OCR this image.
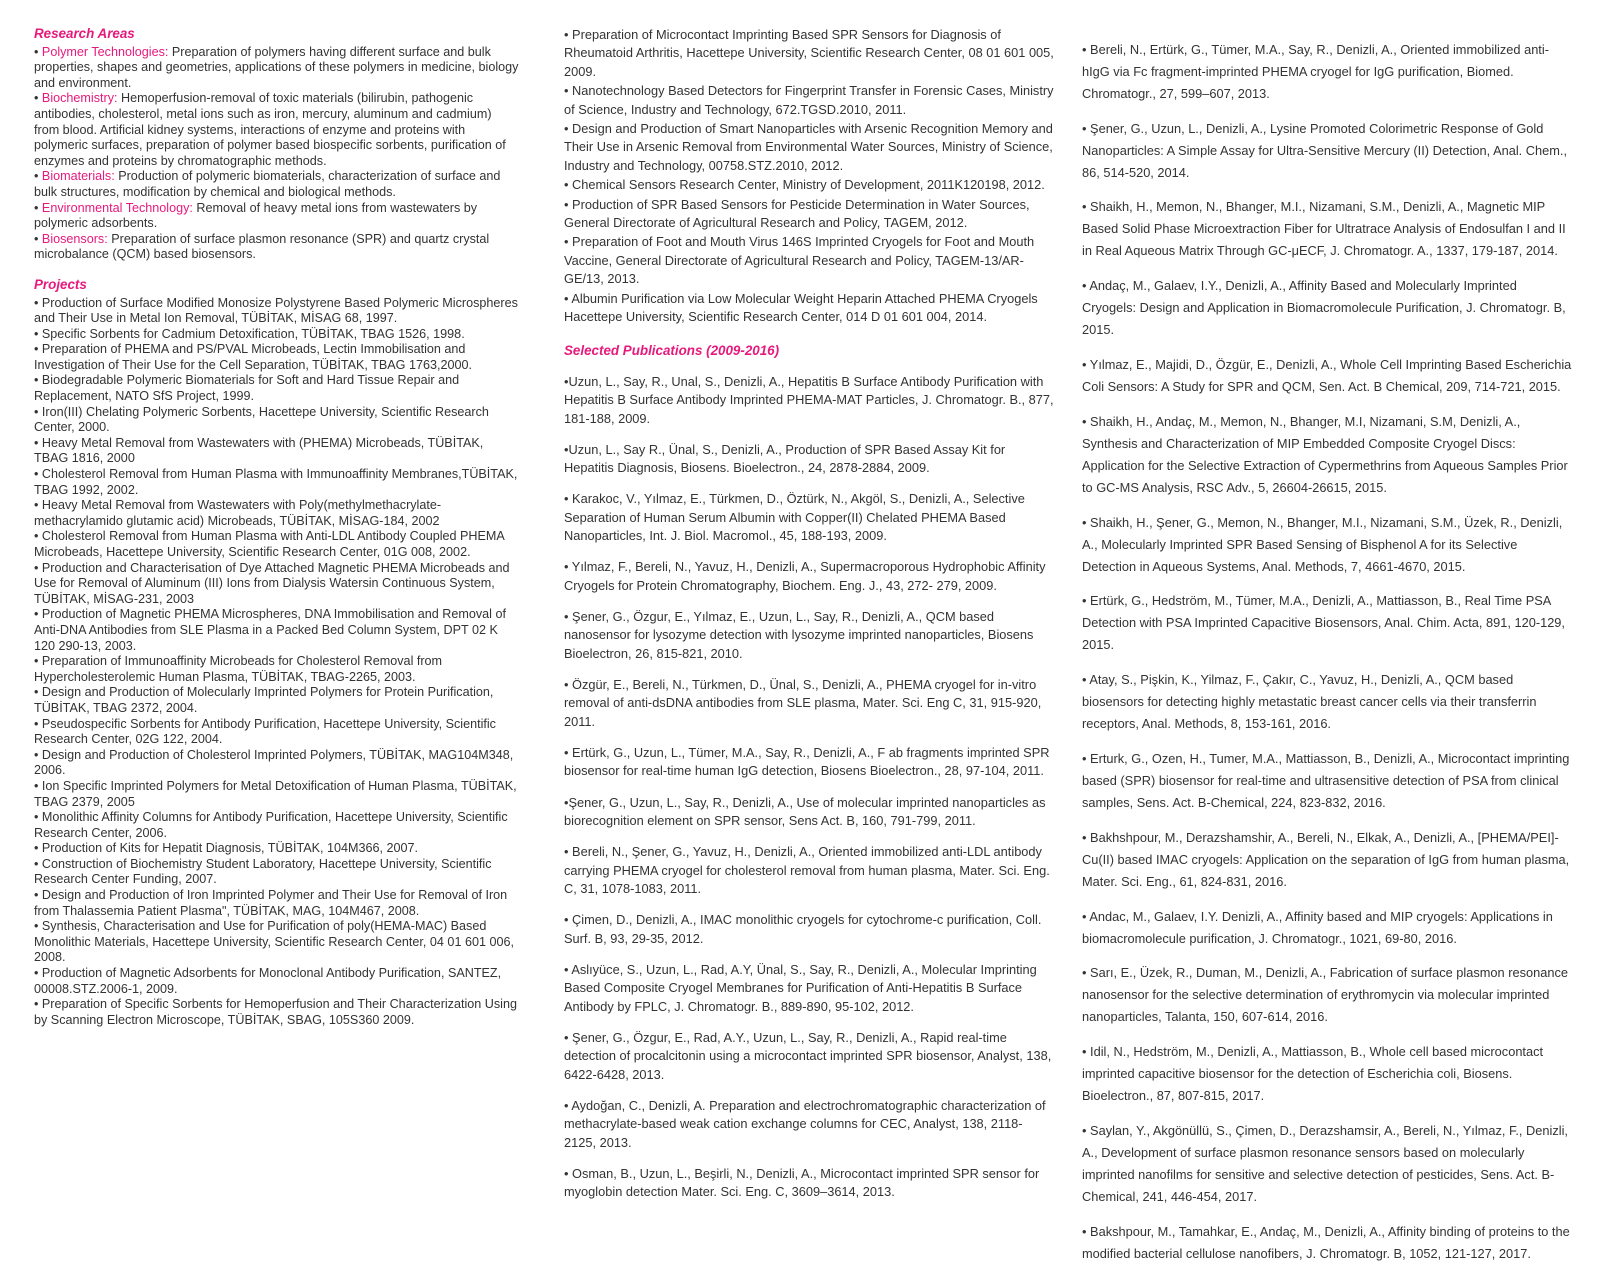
Research Areas

• Polymer Technologies: Preparation of polymers having different surface and bulk properties, shapes and geometries, applications of these polymers in medicine, biology and environment.

• Biochemistry: Hemoperfusion-removal of toxic materials (bilirubin, pathogenic antibodies, cholesterol, metal ions such as iron, mercury, aluminum and cadmium) from blood. Artificial kidney systems, interactions of enzyme and proteins with polymeric surfaces, preparation of polymer based biospecific sorbents, purification of enzymes and proteins by chromatographic methods.

• Biomaterials: Production of polymeric biomaterials, characterization of surface and bulk structures, modification by chemical and biological methods.

• Environmental Technology: Removal of heavy metal ions from wastewaters by polymeric adsorbents.

• Biosensors: Preparation of surface plasmon resonance (SPR) and quartz crystal microbalance (QCM) based biosensors.

Projects

• Production of Surface Modified Monosize Polystyrene Based Polymeric Microspheres and Their Use in Metal Ion Removal, TÜBİTAK, MİSAG 68, 1997.

• Specific Sorbents for Cadmium Detoxification, TÜBİTAK, TBAG 1526, 1998.

• Preparation of PHEMA and PS/PVAL Microbeads, Lectin Immobilisation and Investigation of Their Use for the Cell Separation, TÜBİTAK, TBAG 1763,2000.

• Biodegradable Polymeric Biomaterials for Soft and Hard Tissue Repair and Replacement, NATO SfS Project, 1999.

• Iron(III) Chelating Polymeric Sorbents, Hacettepe University, Scientific Research Center, 2000.

• Heavy Metal Removal from Wastewaters with (PHEMA) Microbeads, TÜBİTAK, TBAG 1816, 2000

• Cholesterol Removal from Human Plasma with Immunoaffinity Membranes,TÜBİTAK, TBAG 1992, 2002.

• Heavy Metal Removal from Wastewaters with Poly(methylmethacrylate-methacrylamido glutamic acid) Microbeads, TÜBİTAK, MİSAG-184, 2002

• Cholesterol Removal from Human Plasma with Anti-LDL Antibody Coupled PHEMA Microbeads, Hacettepe University, Scientific Research Center, 01G 008, 2002.

• Production and Characterisation of Dye Attached Magnetic PHEMA Microbeads and Use for Removal of Aluminum (III) Ions from Dialysis Watersin Continuous System, TÜBİTAK, MİSAG-231, 2003

• Production of Magnetic PHEMA Microspheres, DNA Immobilisation and Removal of Anti-DNA Antibodies from SLE Plasma in a Packed Bed Column System, DPT 02 K 120 290-13, 2003.

• Preparation of Immunoaffinity Microbeads for Cholesterol Removal from Hypercholesterolemic Human Plasma, TÜBİTAK, TBAG-2265, 2003.

• Design and Production of Molecularly Imprinted Polymers for Protein Purification, TÜBİTAK, TBAG 2372, 2004.

• Pseudospecific Sorbents for Antibody Purification, Hacettepe University, Scientific Research Center, 02G 122, 2004.

• Design and Production of Cholesterol Imprinted Polymers, TÜBİTAK, MAG104M348, 2006.

• Ion Specific Imprinted Polymers for Metal Detoxification of Human Plasma, TÜBİTAK, TBAG 2379, 2005

• Monolithic Affinity Columns for Antibody Purification, Hacettepe University, Scientific Research Center, 2006.

• Production of Kits for Hepatit Diagnosis, TÜBİTAK, 104M366, 2007.

• Construction of Biochemistry Student Laboratory, Hacettepe University, Scientific Research Center Funding, 2007.

• Design and Production of Iron Imprinted Polymer and Their Use for Removal of Iron from Thalassemia Patient Plasma", TÜBİTAK, MAG, 104M467, 2008.

• Synthesis, Characterisation and Use for Purification of poly(HEMA-MAC) Based Monolithic Materials, Hacettepe University, Scientific Research Center, 04 01 601 006, 2008.

• Production of Magnetic Adsorbents for Monoclonal Antibody Purification, SANTEZ, 00008.STZ.2006-1, 2009.

• Preparation of Specific Sorbents for Hemoperfusion and Their Characterization Using by Scanning Electron Microscope, TÜBİTAK, SBAG, 105S360 2009.

• Preparation of Microcontact Imprinting Based SPR Sensors for Diagnosis of Rheumatoid Arthritis, Hacettepe University, Scientific Research Center, 08 01 601 005, 2009.

• Nanotechnology Based Detectors for Fingerprint Transfer in Forensic Cases, Ministry of Science, Industry and Technology, 672.TGSD.2010, 2011.

• Design and Production of Smart Nanoparticles with Arsenic Recognition Memory and Their Use in Arsenic Removal from Environmental Water Sources, Ministry of Science, Industry and Technology, 00758.STZ.2010, 2012.

• Chemical Sensors Research Center, Ministry of Development, 2011K120198, 2012.

• Production of SPR Based Sensors for Pesticide Determination in Water Sources, General Directorate of Agricultural Research and Policy, TAGEM, 2012.

• Preparation of Foot and Mouth Virus 146S Imprinted Cryogels for Foot and Mouth Vaccine, General Directorate of Agricultural Research and Policy, TAGEM-13/AR-GE/13, 2013.

• Albumin Purification via Low Molecular Weight Heparin Attached PHEMA Cryogels Hacettepe University, Scientific Research Center, 014 D 01 601 004, 2014.

Selected Publications (2009-2016)

•Uzun, L., Say, R., Unal, S., Denizli, A., Hepatitis B Surface Antibody Purification with Hepatitis B Surface Antibody Imprinted PHEMA-MAT Particles, J. Chromatogr. B., 877, 181-188, 2009.

•Uzun, L., Say R., Ünal, S., Denizli, A., Production of SPR Based Assay Kit for Hepatitis Diagnosis, Biosens. Bioelectron., 24, 2878-2884, 2009.

• Karakoc, V., Yılmaz, E., Türkmen, D., Öztürk, N., Akgöl, S., Denizli, A., Selective Separation of Human Serum Albumin with Copper(II) Chelated PHEMA Based Nanoparticles, Int. J. Biol. Macromol., 45, 188-193, 2009.

• Yılmaz, F., Bereli, N., Yavuz, H., Denizli, A., Supermacroporous Hydrophobic Affinity Cryogels for Protein Chromatography, Biochem. Eng. J., 43, 272- 279, 2009.

• Şener, G., Özgur, E., Yılmaz, E., Uzun, L., Say, R., Denizli, A., QCM based nanosensor for lysozyme detection with lysozyme imprinted nanoparticles, Biosens Bioelectron, 26, 815-821, 2010.

• Özgür, E., Bereli, N., Türkmen, D., Ünal, S., Denizli, A., PHEMA cryogel for in-vitro removal of anti-dsDNA antibodies from SLE plasma, Mater. Sci. Eng C, 31, 915-920, 2011.

• Ertürk, G., Uzun, L., Tümer, M.A., Say, R., Denizli, A., F ab fragments imprinted SPR biosensor for real-time human IgG detection, Biosens Bioelectron., 28, 97-104, 2011.

•Şener, G., Uzun, L., Say, R., Denizli, A., Use of molecular imprinted nanoparticles as biorecognition element on SPR sensor, Sens Act. B, 160, 791-799, 2011.

• Bereli, N., Şener, G., Yavuz, H., Denizli, A., Oriented immobilized anti-LDL antibody carrying PHEMA cryogel for cholesterol removal from human plasma, Mater. Sci. Eng. C, 31, 1078-1083, 2011.

• Çimen, D., Denizli, A., IMAC monolithic cryogels for cytochrome-c purification, Coll. Surf. B, 93, 29-35, 2012.

• Aslıyüce, S., Uzun, L., Rad, A.Y, Ünal, S., Say, R., Denizli, A., Molecular Imprinting Based Composite Cryogel Membranes for Purification of Anti-Hepatitis B Surface Antibody by FPLC, J. Chromatogr. B., 889-890, 95-102, 2012.

• Şener, G., Özgur, E., Rad, A.Y., Uzun, L., Say, R., Denizli, A., Rapid real-time detection of procalcitonin using a microcontact imprinted SPR biosensor, Analyst, 138, 6422-6428, 2013.

• Aydoğan, C., Denizli, A. Preparation and electrochromatographic characterization of methacrylate-based weak cation exchange columns for CEC, Analyst, 138, 2118-2125, 2013.

• Osman, B., Uzun, L., Beşirli, N., Denizli, A., Microcontact imprinted SPR sensor for myoglobin detection Mater. Sci. Eng. C, 3609–3614, 2013.

• Bereli, N., Ertürk, G., Tümer, M.A., Say, R., Denizli, A., Oriented immobilized anti-hIgG via Fc fragment-imprinted PHEMA cryogel for IgG purification, Biomed. Chromatogr., 27, 599–607, 2013.

• Şener, G., Uzun, L., Denizli, A., Lysine Promoted Colorimetric Response of Gold Nanoparticles: A Simple Assay for Ultra-Sensitive Mercury (II) Detection, Anal. Chem., 86, 514-520, 2014.

• Shaikh, H., Memon, N., Bhanger, M.I., Nizamani, S.M., Denizli, A., Magnetic MIP Based Solid Phase Microextraction Fiber for Ultratrace Analysis of Endosulfan I and II in Real Aqueous Matrix Through GC-μECF, J. Chromatogr. A., 1337, 179-187, 2014.

• Andaç, M., Galaev, I.Y., Denizli, A., Affinity Based and Molecularly Imprinted Cryogels: Design and Application in Biomacromolecule Purification, J. Chromatogr. B, 2015.

• Yılmaz, E., Majidi, D., Özgür, E., Denizli, A., Whole Cell Imprinting Based Escherichia Coli Sensors: A Study for SPR and QCM, Sen. Act. B Chemical, 209, 714-721, 2015.

• Shaikh, H., Andaç, M., Memon, N., Bhanger, M.I, Nizamani, S.M, Denizli, A., Synthesis and Characterization of MIP Embedded Composite Cryogel Discs: Application for the Selective Extraction of Cypermethrins from Aqueous Samples Prior to GC-MS Analysis, RSC Adv., 5, 26604-26615, 2015.

• Shaikh, H., Şener, G., Memon, N., Bhanger, M.I., Nizamani, S.M., Üzek, R., Denizli, A., Molecularly Imprinted SPR Based Sensing of Bisphenol A for its Selective Detection in Aqueous Systems, Anal. Methods, 7, 4661-4670, 2015.

• Ertürk, G., Hedström, M., Tümer, M.A., Denizli, A., Mattiasson, B., Real Time PSA Detection with PSA Imprinted Capacitive Biosensors, Anal. Chim. Acta, 891, 120-129, 2015.

• Atay, S., Pişkin, K., Yilmaz, F., Çakır, C., Yavuz, H., Denizli, A., QCM based biosensors for detecting highly metastatic breast cancer cells via their transferrin receptors, Anal. Methods, 8, 153-161, 2016.

• Erturk, G., Ozen, H., Tumer, M.A., Mattiasson, B., Denizli, A., Microcontact imprinting based (SPR) biosensor for real-time and ultrasensitive detection of PSA from clinical samples, Sens. Act. B-Chemical, 224, 823-832, 2016.

• Bakhshpour, M., Derazshamshir, A., Bereli, N., Elkak, A., Denizli, A., [PHEMA/PEI]-Cu(II) based IMAC cryogels: Application on the separation of IgG from human plasma, Mater. Sci. Eng., 61, 824-831, 2016.

• Andac, M., Galaev, I.Y. Denizli, A., Affinity based and MIP cryogels: Applications in biomacromolecule purification, J. Chromatogr., 1021, 69-80, 2016.

• Sarı, E., Üzek, R., Duman, M., Denizli, A., Fabrication of surface plasmon resonance nanosensor for the selective determination of erythromycin via molecular imprinted nanoparticles, Talanta, 150, 607-614, 2016.

• Idil, N., Hedström, M., Denizli, A., Mattiasson, B., Whole cell based microcontact imprinted capacitive biosensor for the detection of Escherichia coli, Biosens. Bioelectron., 87, 807-815, 2017.

• Saylan, Y., Akgönüllü, S., Çimen, D., Derazshamsir, A., Bereli, N., Yılmaz, F., Denizli, A., Development of surface plasmon resonance sensors based on molecularly imprinted nanofilms for sensitive and selective detection of pesticides, Sens. Act. B-Chemical, 241, 446-454, 2017.

• Bakshpour, M., Tamahkar, E., Andaç, M., Denizli, A., Affinity binding of proteins to the modified bacterial cellulose nanofibers, J. Chromatogr. B, 1052, 121-127, 2017.
